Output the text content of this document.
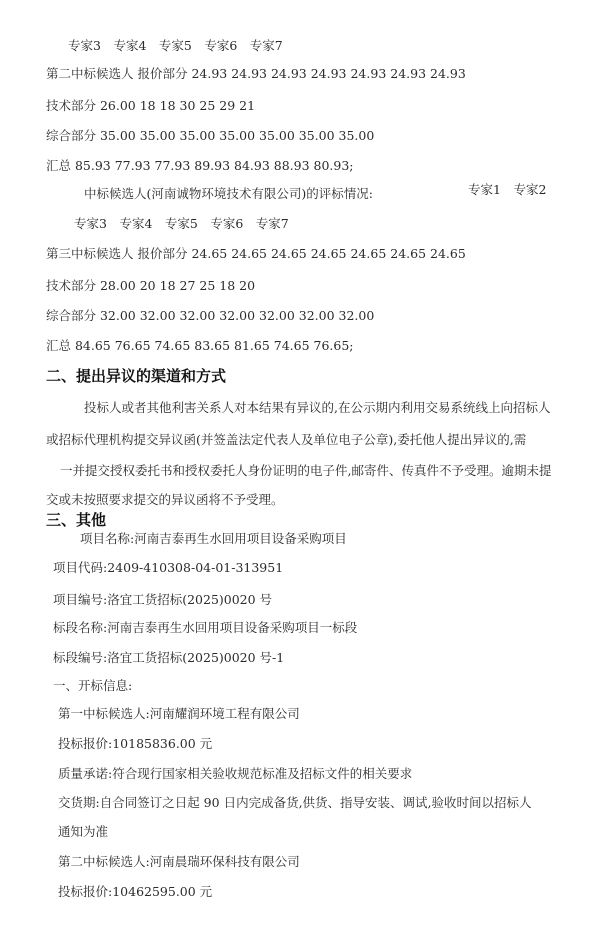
专家3　专家4　专家5　专家6　专家7
第二中标候选人 报价部分 24.93 24.93 24.93 24.93 24.93 24.93 24.93
技术部分 26.00 18 18 30 25 29 21
综合部分 35.00 35.00 35.00 35.00 35.00 35.00 35.00
汇总 85.93 77.93 77.93 89.93 84.93 88.93 80.93;
中标候选人(河南诚物环境技术有限公司)的评标情况:	专家1　专家2
专家3　专家4　专家5　专家6　专家7
第三中标候选人 报价部分 24.65 24.65 24.65 24.65 24.65 24.65 24.65
技术部分 28.00 20 18 27 25 18 20
综合部分 32.00 32.00 32.00 32.00 32.00 32.00 32.00
汇总 84.65 76.65 74.65 83.65 81.65 74.65 76.65;
二、提出异议的渠道和方式
投标人或者其他利害关系人对本结果有异议的,在公示期内利用交易系统线上向招标人
或招标代理机构提交异议函(并签盖法定代表人及单位电子公章),委托他人提出异议的,需
一并提交授权委托书和授权委托人身份证明的电子件,邮寄件、传真件不予受理。逾期未提
交或未按照要求提交的异议函将不予受理。
三、其他
项目名称:河南吉泰再生水回用项目设备采购项目
项目代码:2409-410308-04-01-313951
项目编号:洛宜工货招标(2025)0020 号
标段名称:河南吉泰再生水回用项目设备采购项目一标段
标段编号:洛宜工货招标(2025)0020 号-1
一、开标信息:
第一中标候选人:河南耀润环境工程有限公司
投标报价:10185836.00 元
质量承诺:符合现行国家相关验收规范标准及招标文件的相关要求
交货期:自合同签订之日起 90 日内完成备货,供货、指导安装、调试,验收时间以招标人
通知为准
第二中标候选人:河南晨瑞环保科技有限公司
投标报价:10462595.00 元
